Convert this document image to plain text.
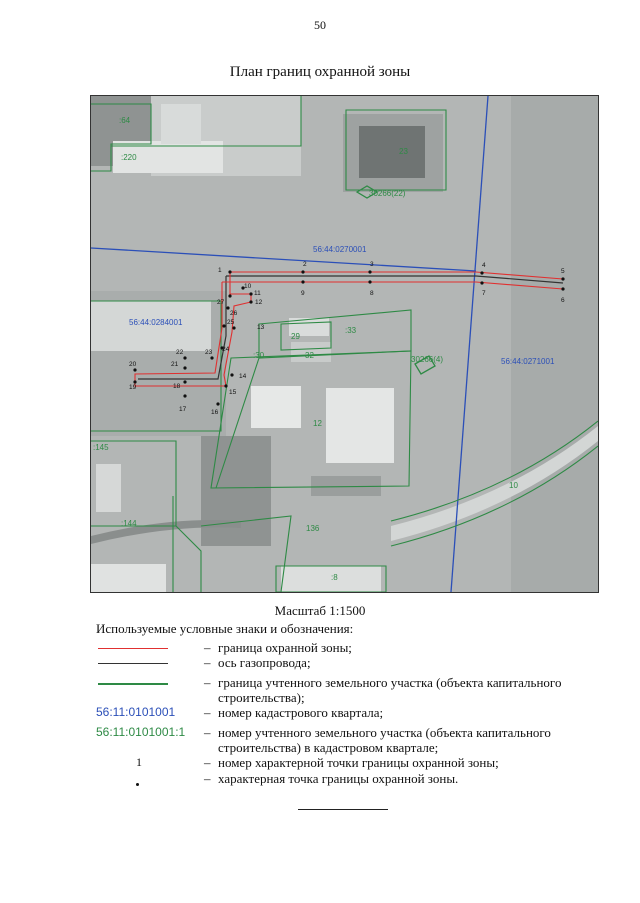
50
План границ охранной зоны
1
2	3	4
5
6
7
8
9
10
11
12
13
14
15
16
17
18
19
20	21
22	23 24
25
26
27
56:44:0270001
56:44:0284001
56:44:0271001
:64
:220
23
30266(22)
:33
29
:30	32	30266(4)
12
:145
:144
136
10
:8
Масштаб 1:1500
Используемые условные знаки и обозначения:
– граница охранной зоны;
– ось газопровода;
– граница учтенного земельного участка (объекта капитального строительства);
56:11:0101001 – номер кадастрового квартала;
56:11:0101001:1 – номер учтенного земельного участка (объекта капитального строительства) в кадастровом квартале;
1	– номер характерной точки границы охранной зоны;
– характерная точка границы охранной зоны.
